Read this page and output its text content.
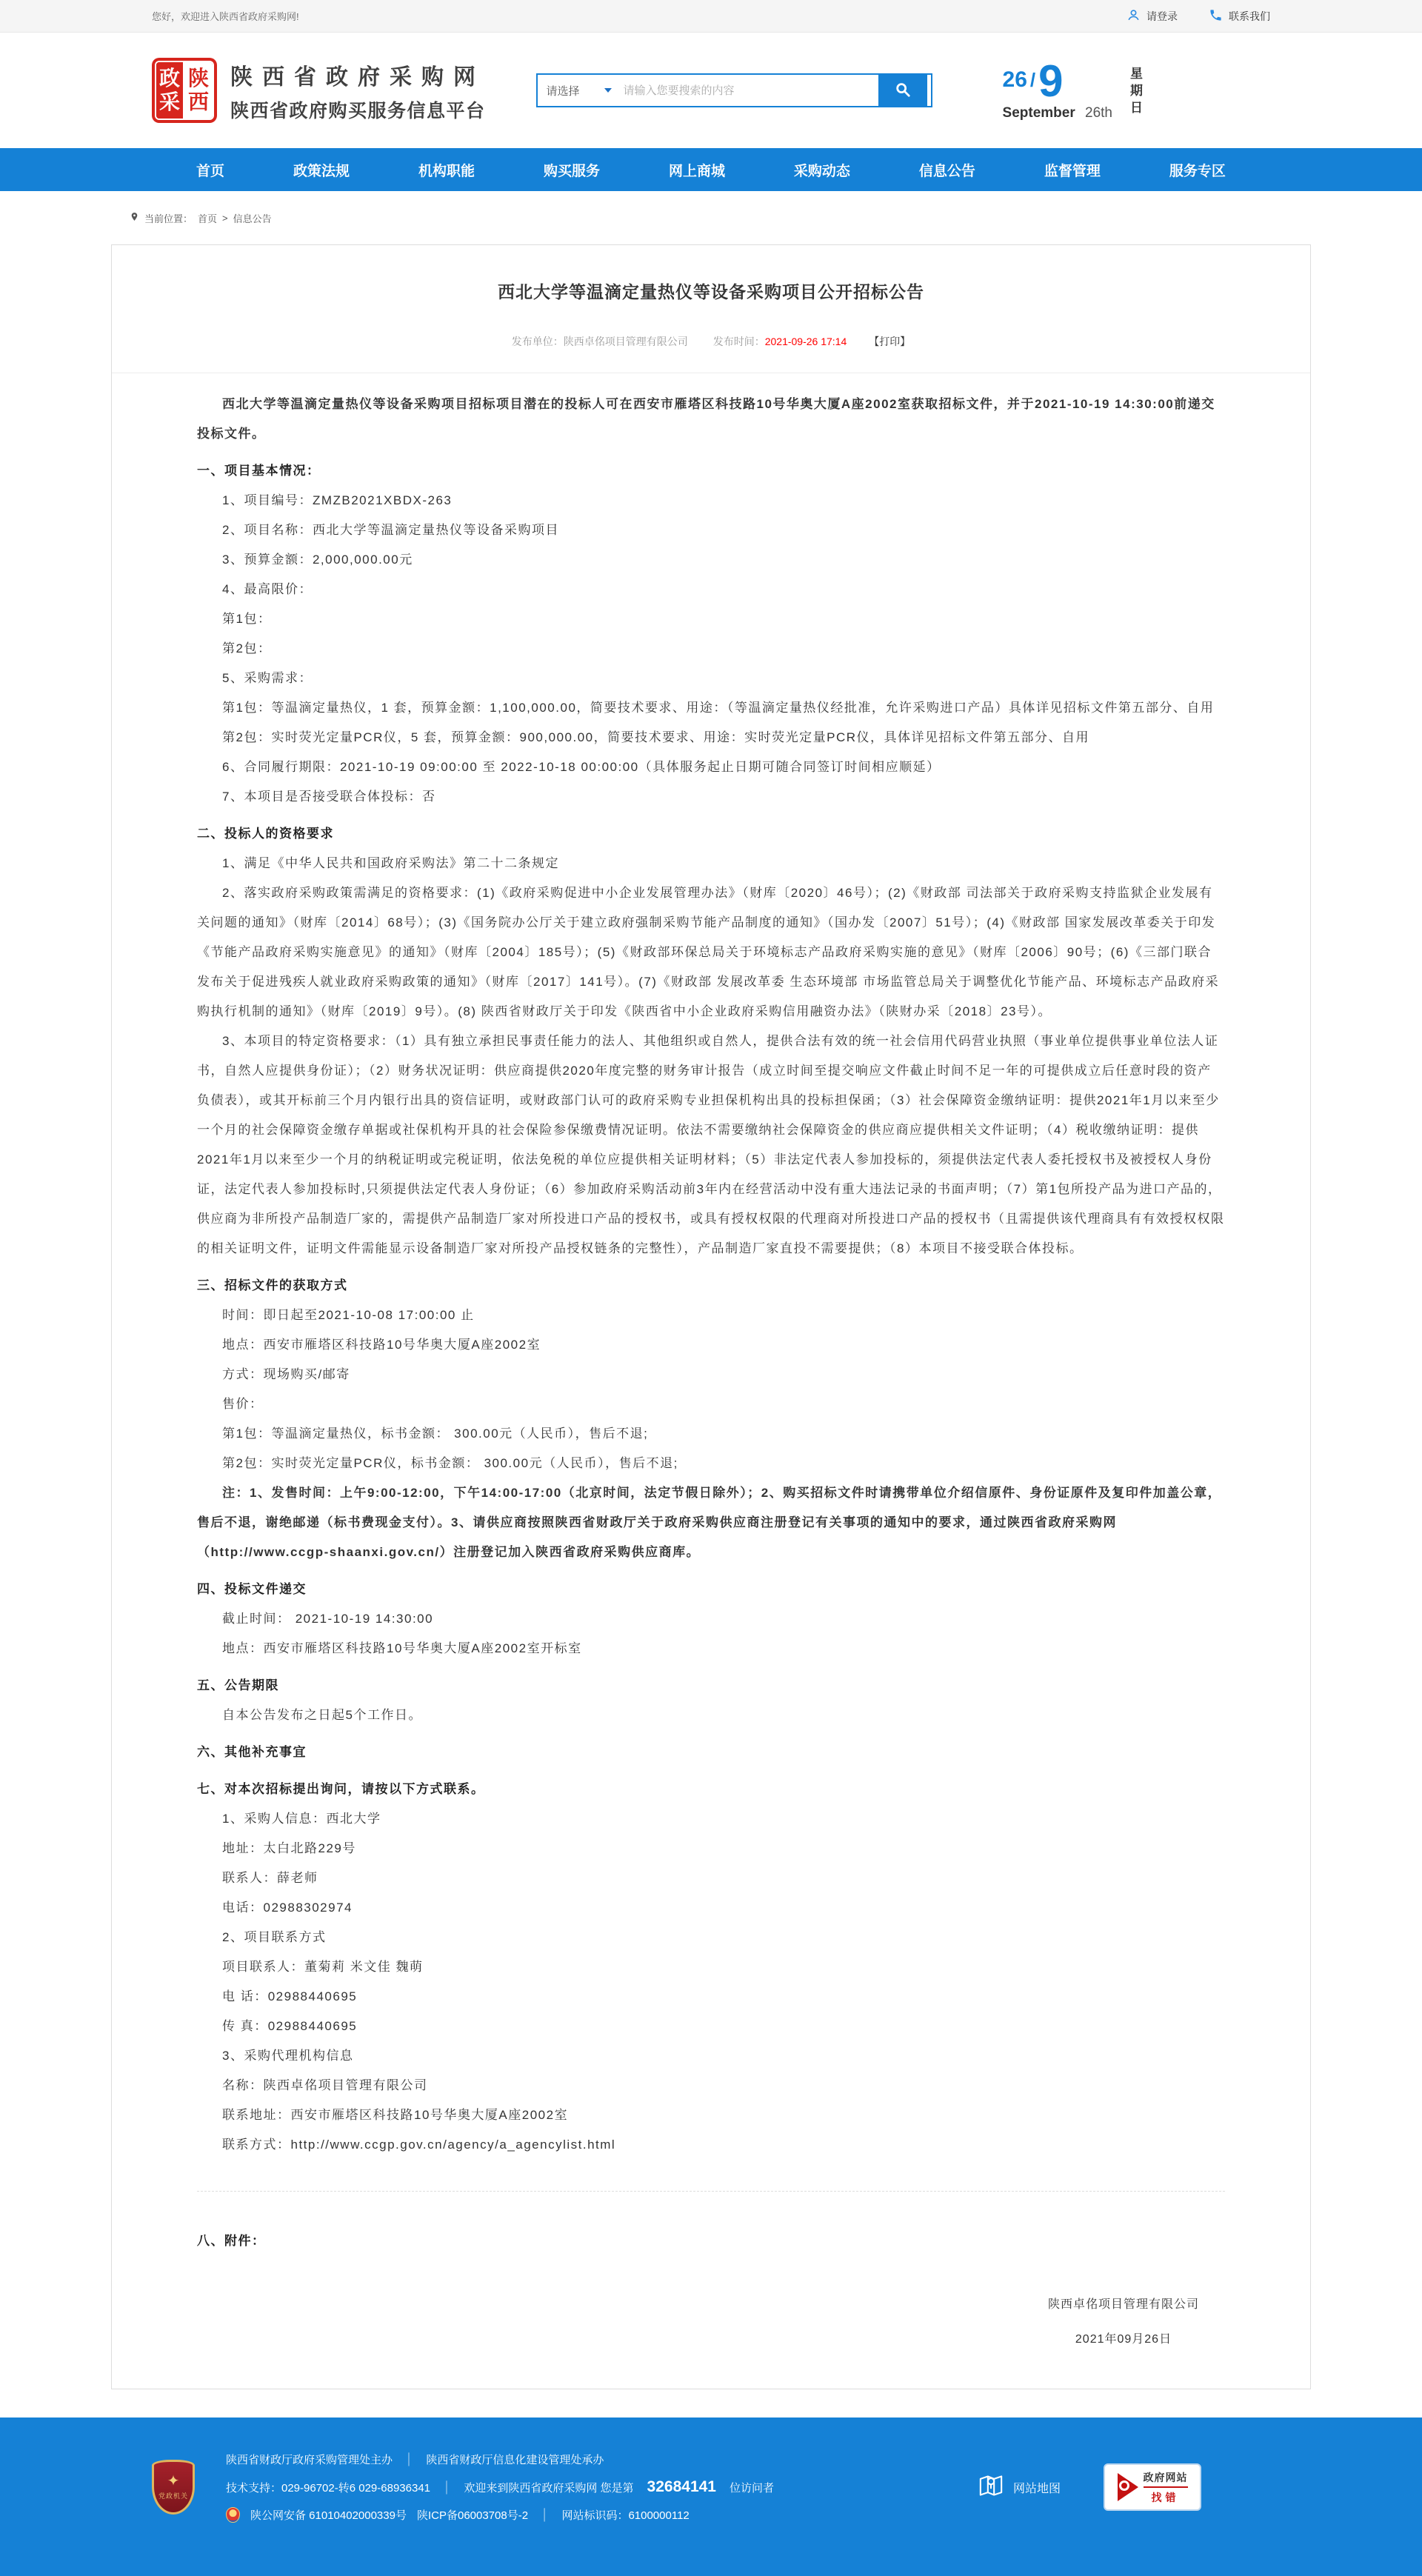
您好，欢迎进入陕西省政府采购网!	请登录	联系我们
政
采
陕
西
陕西省政府采购网
陕西省政府购买服务信息平台
请选择
请输入您要搜索的内容	26 / 9
September 26th
星期日
首页	政策法规	机构职能	购买服务	网上商城	采购动态	信息公告	监督管理	服务专区
当前位置： 首页 > 信息公告
西北大学等温滴定量热仪等设备采购项目公开招标公告
发布单位：陕西卓佲项目管理有限公司 发布时间：2021-09-26 17:14 【打印】

西北大学等温滴定量热仪等设备采购项目招标项目潜在的投标人可在西安市雁塔区科技路10号华奥大厦A座2002室获取招标文件，并于2021-10-19 14:30:00前递交投标文件。

一、项目基本情况：

1、项目编号：ZMZB2021XBDX-263

2、项目名称：西北大学等温滴定量热仪等设备采购项目

3、预算金额：2,000,000.00元

4、最高限价：

第1包：

第2包：

5、采购需求：

第1包：等温滴定量热仪，1 套，预算金额：1,100,000.00，简要技术要求、用途：（等温滴定量热仪经批准，允许采购进口产品）具体详见招标文件第五部分、自用

第2包：实时荧光定量PCR仪，5 套，预算金额：900,000.00，简要技术要求、用途：实时荧光定量PCR仪，具体详见招标文件第五部分、自用

6、合同履行期限：2021-10-19 09:00:00 至 2022-10-18 00:00:00（具体服务起止日期可随合同签订时间相应顺延）

7、本项目是否接受联合体投标：否

二、投标人的资格要求

1、满足《中华人民共和国政府采购法》第二十二条规定

2、落实政府采购政策需满足的资格要求：(1)《政府采购促进中小企业发展管理办法》（财库〔2020〕46号）；(2)《财政部 司法部关于政府采购支持监狱企业发展有关问题的通知》（财库〔2014〕68号）；(3)《国务院办公厅关于建立政府强制采购节能产品制度的通知》（国办发〔2007〕51号）；(4)《财政部 国家发展改革委关于印发《节能产品政府采购实施意见》的通知》（财库〔2004〕185号）；(5)《财政部环保总局关于环境标志产品政府采购实施的意见》（财库〔2006〕90号；(6)《三部门联合发布关于促进残疾人就业政府采购政策的通知》（财库〔2017〕141号）。(7)《财政部 发展改革委 生态环境部 市场监管总局关于调整优化节能产品、环境标志产品政府采购执行机制的通知》（财库〔2019〕9号）。(8) 陕西省财政厅关于印发《陕西省中小企业政府采购信用融资办法》（陕财办采〔2018〕23号）。

3、本项目的特定资格要求：（1）具有独立承担民事责任能力的法人、其他组织或自然人，提供合法有效的统一社会信用代码营业执照（事业单位提供事业单位法人证书，自然人应提供身份证）；（2）财务状况证明：供应商提供2020年度完整的财务审计报告（成立时间至提交响应文件截止时间不足一年的可提供成立后任意时段的资产负债表），或其开标前三个月内银行出具的资信证明，或财政部门认可的政府采购专业担保机构出具的投标担保函；（3）社会保障资金缴纳证明：提供2021年1月以来至少一个月的社会保障资金缴存单据或社保机构开具的社会保险参保缴费情况证明。依法不需要缴纳社会保障资金的供应商应提供相关文件证明；（4）税收缴纳证明：提供2021年1月以来至少一个月的纳税证明或完税证明，依法免税的单位应提供相关证明材料；（5）非法定代表人参加投标的，须提供法定代表人委托授权书及被授权人身份证，法定代表人参加投标时,只须提供法定代表人身份证；（6）参加政府采购活动前3年内在经营活动中没有重大违法记录的书面声明；（7）第1包所投产品为进口产品的，供应商为非所投产品制造厂家的，需提供产品制造厂家对所投进口产品的授权书，或具有授权权限的代理商对所投进口产品的授权书（且需提供该代理商具有有效授权权限的相关证明文件，证明文件需能显示设备制造厂家对所投产品授权链条的完整性），产品制造厂家直投不需要提供；（8）本项目不接受联合体投标。

三、招标文件的获取方式

时间：即日起至2021-10-08 17:00:00 止

地点：西安市雁塔区科技路10号华奥大厦A座2002室

方式：现场购买/邮寄

售价：

第1包：等温滴定量热仪，标书金额： 300.00元（人民币），售后不退;

第2包：实时荧光定量PCR仪，标书金额： 300.00元（人民币），售后不退;

注：1、发售时间：上午9:00-12:00，下午14:00-17:00（北京时间，法定节假日除外）；2、购买招标文件时请携带单位介绍信原件、身份证原件及复印件加盖公章，售后不退，谢绝邮递（标书费现金支付）。3、请供应商按照陕西省财政厅关于政府采购供应商注册登记有关事项的通知中的要求，通过陕西省政府采购网（http://www.ccgp-shaanxi.gov.cn/）注册登记加入陕西省政府采购供应商库。

四、投标文件递交

截止时间： 2021-10-19 14:30:00

地点：西安市雁塔区科技路10号华奥大厦A座2002室开标室

五、公告期限

自本公告发布之日起5个工作日。

六、其他补充事宜

七、对本次招标提出询问，请按以下方式联系。

1、采购人信息：西北大学

地址：太白北路229号

联系人：薛老师

电话：02988302974

2、项目联系方式

项目联系人：董菊莉 米文佳 魏萌

电 话：02988440695

传 真：02988440695

3、采购代理机构信息

名称：陕西卓佲项目管理有限公司

联系地址：西安市雁塔区科技路10号华奥大厦A座2002室

联系方式：http://www.ccgp.gov.cn/agency/a_agencylist.html

八、附件：
陕西卓佲项目管理有限公司
2021年09月26日
✦
党政机关
陕西省财政厅政府采购管理处主办 │ 陕西省财政厅信息化建设管理处承办
技术支持：029-96702-转6 029-68936341 │ 欢迎来到陕西省政府采购网 您是第 32684141 位访问者
陕公网安备 61010402000339号 陕ICP备06003708号-2 │ 网站标识码：6100000112
网站地图
政府网站
找错
